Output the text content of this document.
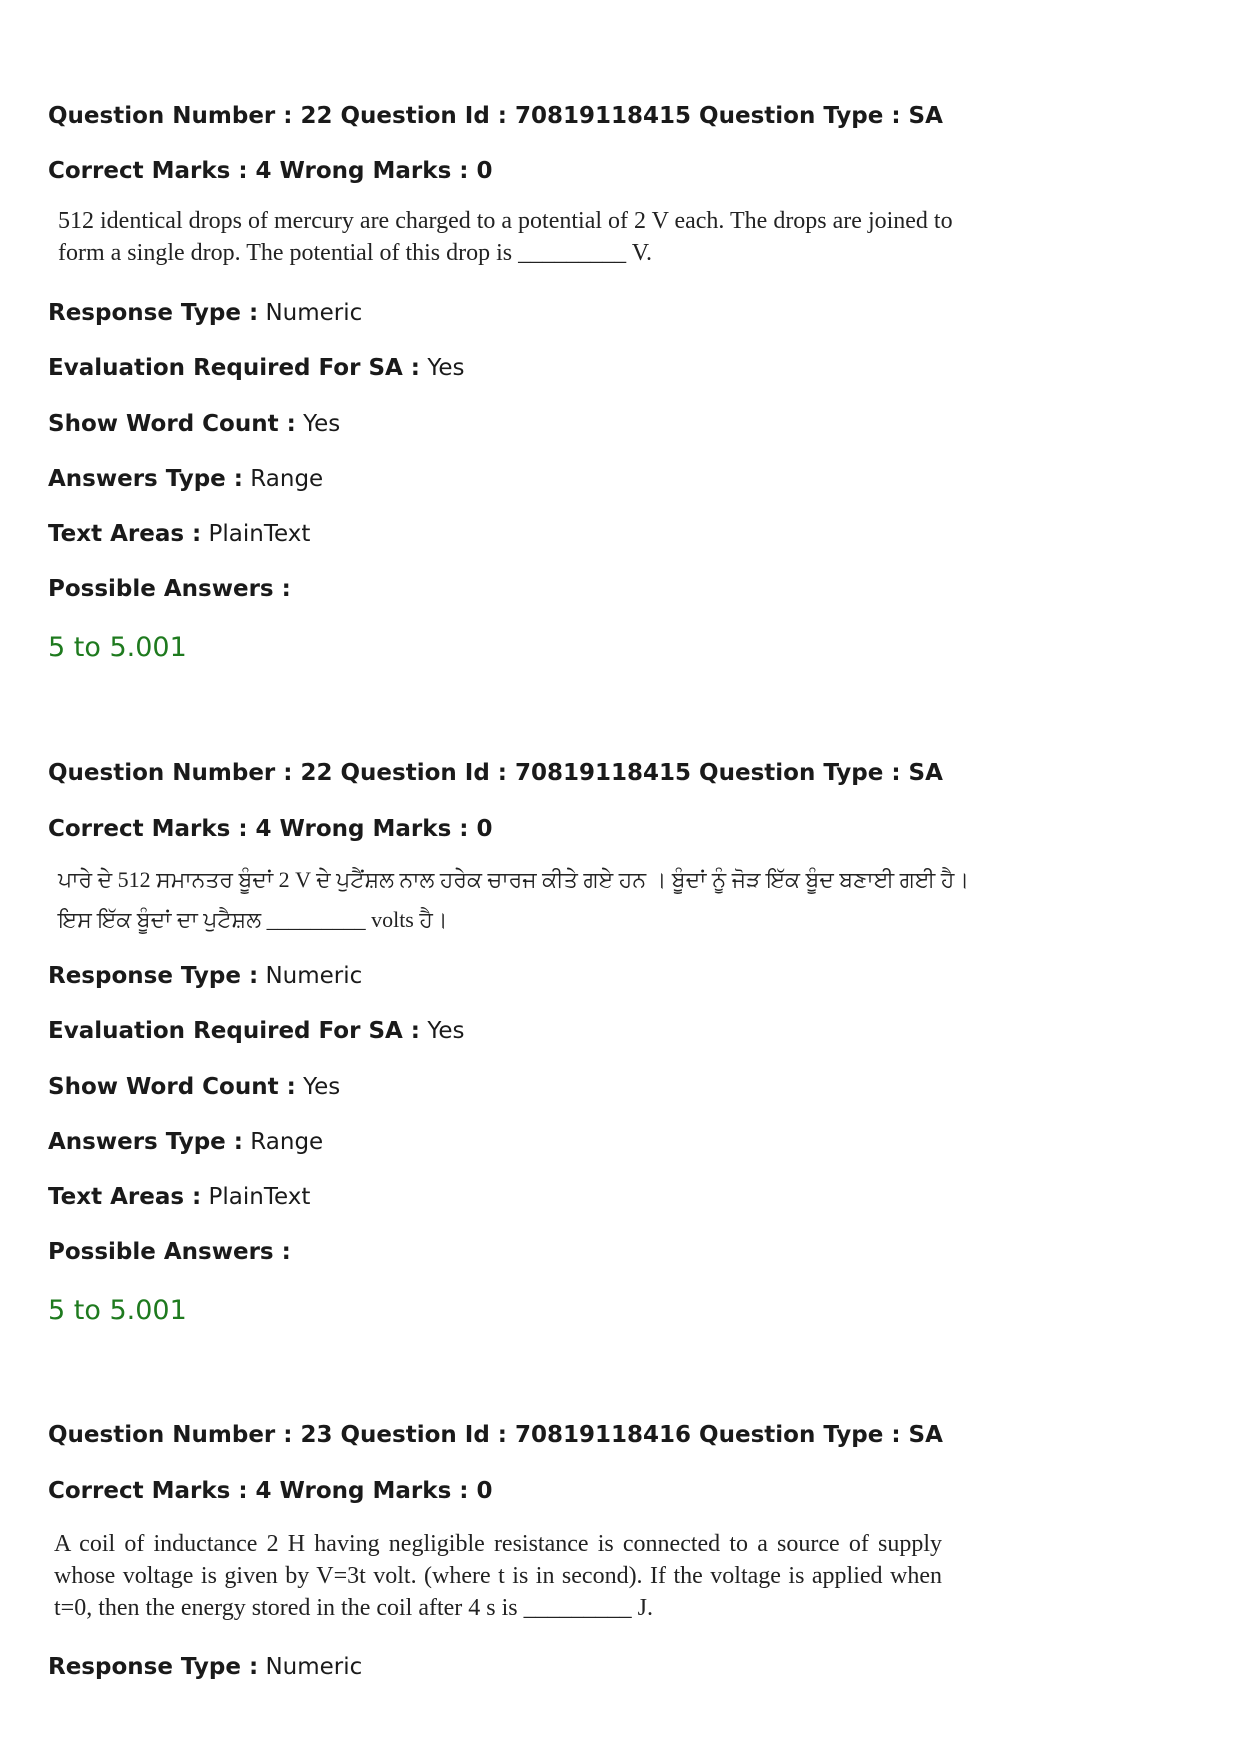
Question Number : 22 Question Id : 70819118415 Question Type : SA
Correct Marks : 4 Wrong Marks : 0
512 identical drops of mercury are charged to a potential of 2 V each. The drops are joined to
form a single drop. The potential of this drop is _________ V.
Response Type : Numeric
Evaluation Required For SA : Yes
Show Word Count : Yes
Answers Type : Range
Text Areas : PlainText
Possible Answers :
5 to 5.001
Question Number : 22 Question Id : 70819118415 Question Type : SA
Correct Marks : 4 Wrong Marks : 0
ਪਾਰੇ ਦੇ 512 ਸਮਾਨਤਰ ਬੂੰਦਾਂ 2 V ਦੇ ਪੁਟੈਂਸ਼ਲ ਨਾਲ ਹਰੇਕ ਚਾਰਜ ਕੀਤੇ ਗਏ ਹਨ । ਬੂੰਦਾਂ ਨੂੰ ਜੋੜ ਇੱਕ ਬੂੰਦ ਬਣਾਈ ਗਈ ਹੈ।
ਇਸ ਇੱਕ ਬੂੰਦਾਂ ਦਾ ਪੁਟੈਸ਼ਲ _________ volts ਹੈ।
Response Type : Numeric
Evaluation Required For SA : Yes
Show Word Count : Yes
Answers Type : Range
Text Areas : PlainText
Possible Answers :
5 to 5.001
Question Number : 23 Question Id : 70819118416 Question Type : SA
Correct Marks : 4 Wrong Marks : 0
A coil of inductance 2 H having negligible resistance is connected to a source of supply
whose voltage is given by V=3t volt. (where t is in second). If the voltage is applied when
t=0, then the energy stored in the coil after 4 s is _________ J.
Response Type : Numeric
